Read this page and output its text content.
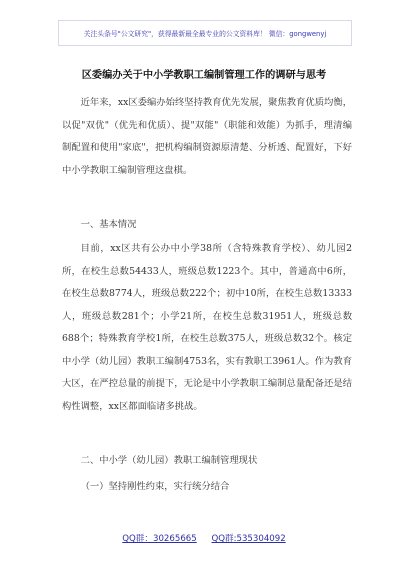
关注头条号"公文研究"，获得最新最全最专业的公文资料库！ 微信：gongwenyj
区委编办关于中小学教职工编制管理工作的调研与思考

近年来，xx区委编办始终坚持教育优先发展，聚焦教育优质均衡，以促"双优"（优先和优质）、提"双能"（职能和效能）为抓手，理清编制配置和使用"家底"，把机构编制资源原清楚、分析透、配置好，下好中小学教职工编制管理这盘棋。

一、基本情况

目前，xx区共有公办中小学38所（含特殊教育学校）、幼儿园2所，在校生总数54433人，班级总数1223个。其中，普通高中6所，在校生总数8774人，班级总数222个；初中10所，在校生总数13333人，班级总数281个；小学21所，在校生总数31951人，班级总数688个；特殊教育学校1所，在校生总数375人，班级总数32个。核定中小学（幼儿园）教职工编制4753名，实有教职工3961人。作为教育大区，在严控总量的前提下，无论是中小学教职工编制总量配备还是结构性调整，xx区都面临诸多挑战。

二、中小学（幼儿园）教职工编制管理现状

（一）坚持刚性约束，实行统分结合

QQ群：30265665 QQ群:535304092
